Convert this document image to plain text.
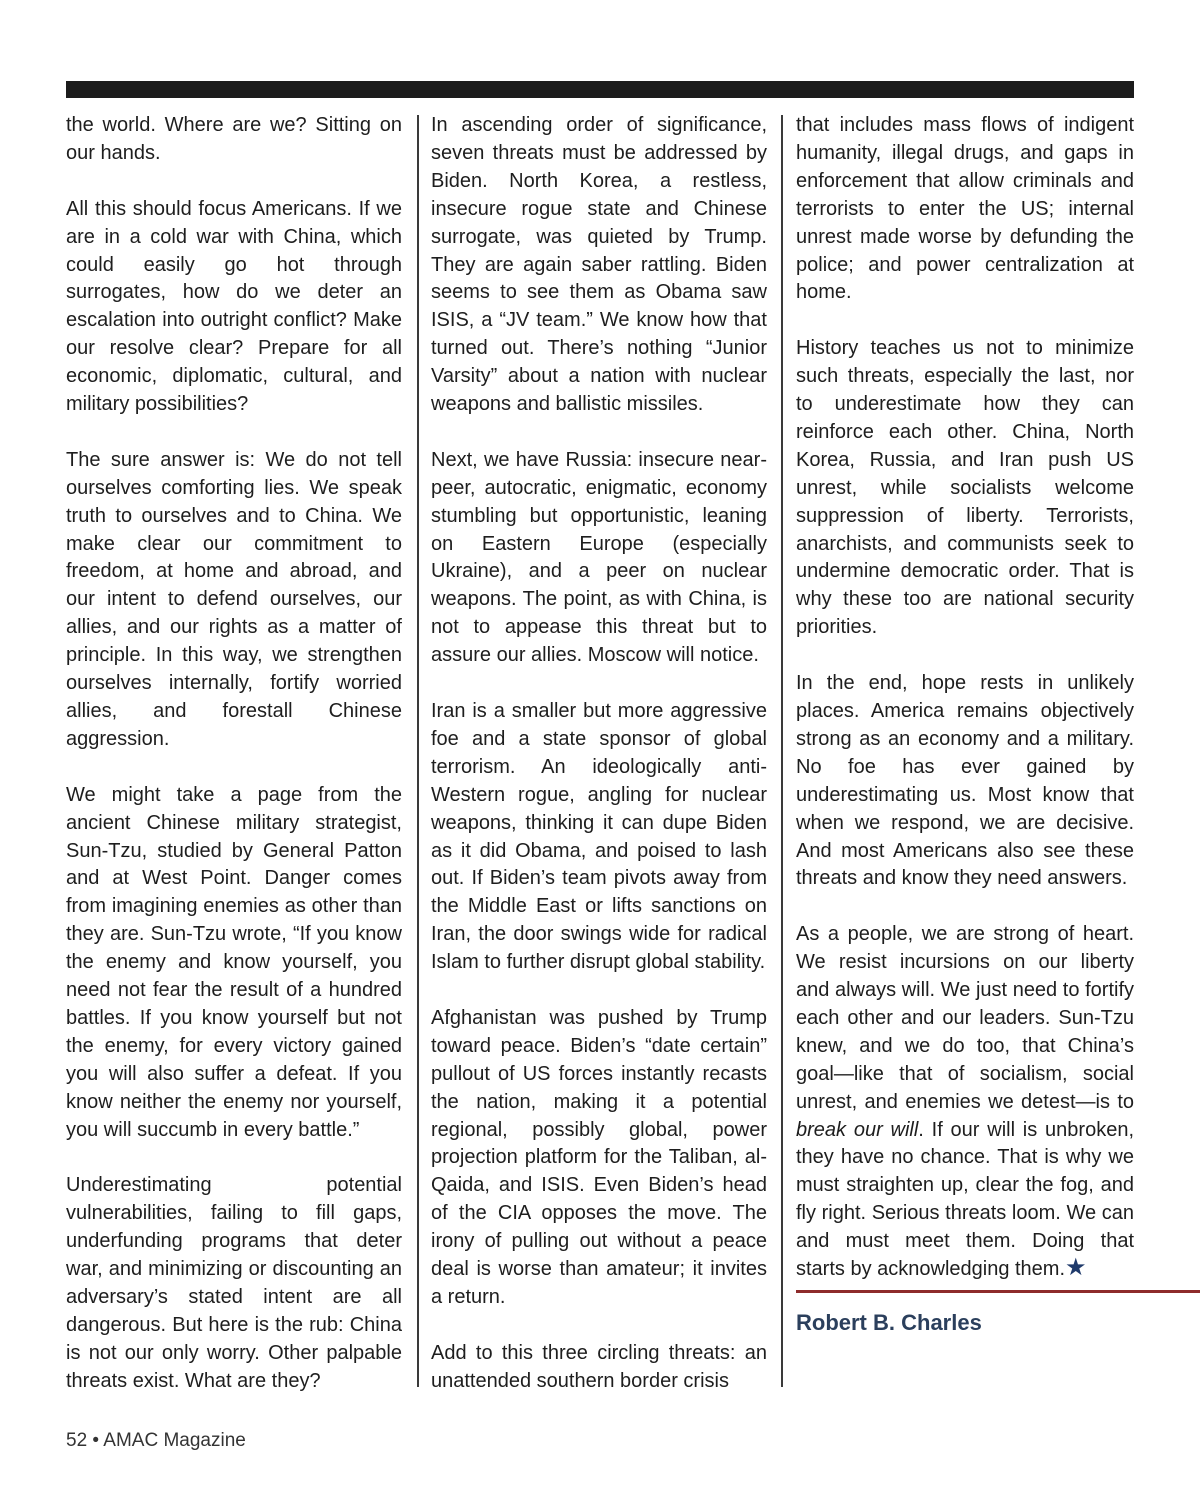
the world. Where are we? Sitting on our hands.

All this should focus Americans. If we are in a cold war with China, which could easily go hot through surrogates, how do we deter an escalation into outright conflict? Make our resolve clear? Prepare for all economic, diplomatic, cultural, and military possibilities?

The sure answer is: We do not tell ourselves comforting lies. We speak truth to ourselves and to China. We make clear our commitment to freedom, at home and abroad, and our intent to defend ourselves, our allies, and our rights as a matter of principle. In this way, we strengthen ourselves internally, fortify worried allies, and forestall Chinese aggression.

We might take a page from the ancient Chinese military strategist, Sun-Tzu, studied by General Patton and at West Point. Danger comes from imagining enemies as other than they are. Sun-Tzu wrote, “If you know the enemy and know yourself, you need not fear the result of a hundred battles. If you know yourself but not the enemy, for every victory gained you will also suffer a defeat. If you know neither the enemy nor yourself, you will succumb in every battle.”

Underestimating potential vulnerabilities, failing to fill gaps, underfunding programs that deter war, and minimizing or discounting an adversary’s stated intent are all dangerous. But here is the rub: China is not our only worry. Other palpable threats exist. What are they?

In ascending order of significance, seven threats must be addressed by Biden. North Korea, a restless, insecure rogue state and Chinese surrogate, was quieted by Trump. They are again saber rattling. Biden seems to see them as Obama saw ISIS, a “JV team.” We know how that turned out. There’s nothing “Junior Varsity” about a nation with nuclear weapons and ballistic missiles.

Next, we have Russia: insecure near-peer, autocratic, enigmatic, economy stumbling but opportunistic, leaning on Eastern Europe (especially Ukraine), and a peer on nuclear weapons. The point, as with China, is not to appease this threat but to assure our allies. Moscow will notice.

Iran is a smaller but more aggressive foe and a state sponsor of global terrorism. An ideologically anti-Western rogue, angling for nuclear weapons, thinking it can dupe Biden as it did Obama, and poised to lash out. If Biden’s team pivots away from the Middle East or lifts sanctions on Iran, the door swings wide for radical Islam to further disrupt global stability.

Afghanistan was pushed by Trump toward peace. Biden’s “date certain” pullout of US forces instantly recasts the nation, making it a potential regional, possibly global, power projection platform for the Taliban, al-Qaida, and ISIS. Even Biden’s head of the CIA opposes the move. The irony of pulling out without a peace deal is worse than amateur; it invites a return.

Add to this three circling threats: an unattended southern border crisis

that includes mass flows of indigent humanity, illegal drugs, and gaps in enforcement that allow criminals and terrorists to enter the US; internal unrest made worse by defunding the police; and power centralization at home.

History teaches us not to minimize such threats, especially the last, nor to underestimate how they can reinforce each other. China, North Korea, Russia, and Iran push US unrest, while socialists welcome suppression of liberty. Terrorists, anarchists, and communists seek to undermine democratic order. That is why these too are national security priorities.

In the end, hope rests in unlikely places. America remains objectively strong as an economy and a military. No foe has ever gained by underestimating us. Most know that when we respond, we are decisive. And most Americans also see these threats and know they need answers.

As a people, we are strong of heart. We resist incursions on our liberty and always will. We just need to fortify each other and our leaders. Sun-Tzu knew, and we do too, that China’s goal—like that of socialism, social unrest, and enemies we detest—is to break our will. If our will is unbroken, they have no chance. That is why we must straighten up, clear the fog, and fly right. Serious threats loom. We can and must meet them. Doing that starts by acknowledging them.★

Robert B. Charles
52 • AMAC Magazine
